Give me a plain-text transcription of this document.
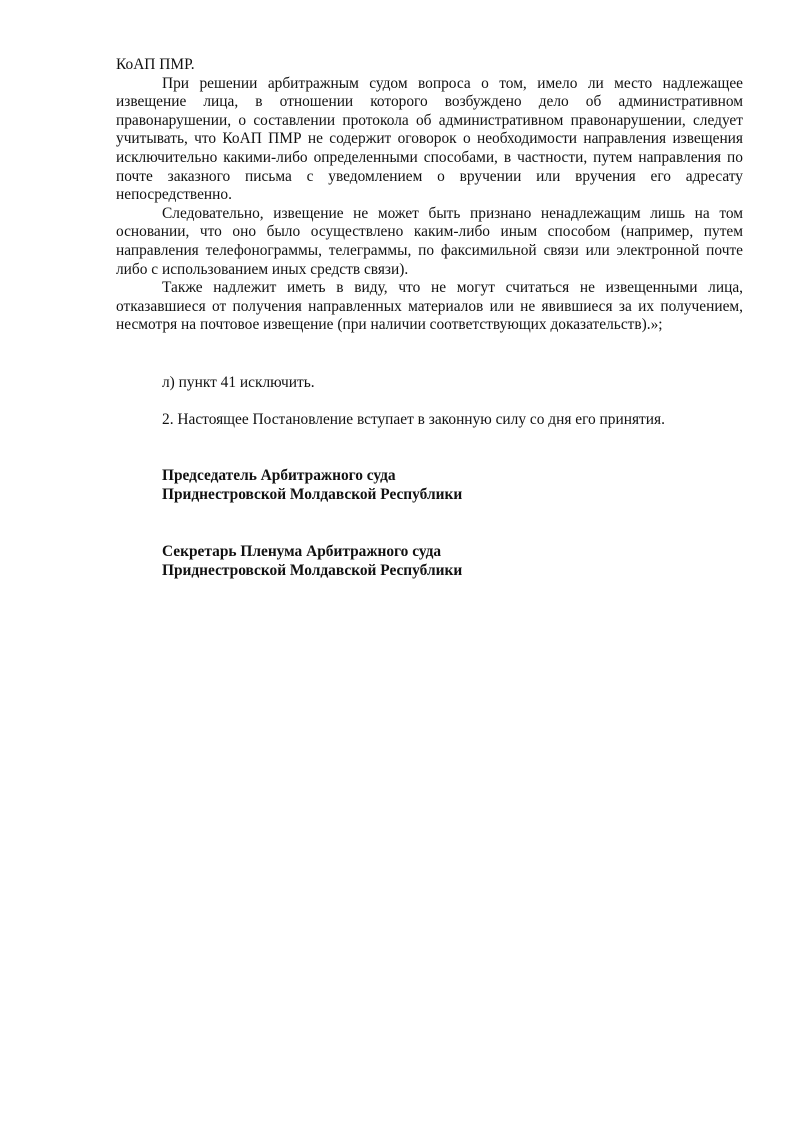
КоАП ПМР.

При решении арбитражным судом вопроса о том, имело ли место надлежащее извещение лица, в отношении которого возбуждено дело об административном правонарушении, о составлении протокола об административном правонарушении, следует учитывать, что КоАП ПМР не содержит оговорок о необходимости направления извещения исключительно какими-либо определенными способами, в частности, путем направления по почте заказного письма с уведомлением о вручении или вручения его адресату непосредственно.

Следовательно, извещение не может быть признано ненадлежащим лишь на том основании, что оно было осуществлено каким-либо иным способом (например, путем направления телефонограммы, телеграммы, по факсимильной связи или электронной почте либо с использованием иных средств связи).

Также надлежит иметь в виду, что не могут считаться не извещенными лица, отказавшиеся от получения направленных материалов или не явившиеся за их получением, несмотря на почтовое извещение (при наличии соответствующих доказательств).»;

л) пункт 41 исключить.
2. Настоящее Постановление вступает в законную силу со дня его принятия.
Председатель Арбитражного суда
Приднестровской Молдавской Республики
Секретарь Пленума Арбитражного суда
Приднестровской Молдавской Республики
